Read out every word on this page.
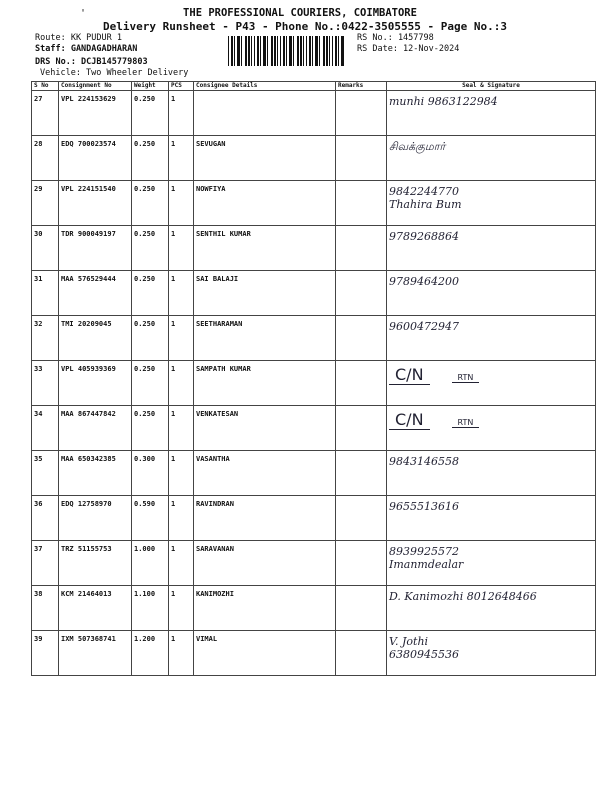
THE PROFESSIONAL COURIERS, COIMBATORE
Delivery Runsheet - P43 - Phone No.:0422-3505555 - Page No.:3
Route: KK PUDUR 1
Staff: GANDAGADHARAN
DRS No.: DCJB145779803
Vehicle: Two Wheeler Delivery
RS No.: 1457798
RS Date: 12-Nov-2024
'
S No	Consignment No	Weight	PCS	Consignee Details	Remarks	Seal & Signature
27	VPL 224153629	0.250	1			munhi 9863122984

28	EDQ 700023574	0.250	1	SEVUGAN		சிவக்குமார்

29	VPL 224151540	0.250	1	NOWFIYA		9842244770
Thahira Bum

30	TDR 900049197	0.250	1	SENTHIL KUMAR		9789268864

31	MAA 576529444	0.250	1	SAI BALAJI		9789464200

32	TMI 20209045	0.250	1	SEETHARAMAN		9600472947

33	VPL 405939369	0.250	1	SAMPATH KUMAR		C/N RTN
34	MAA 867447842	0.250	1	VENKATESAN		C/N RTN
35	MAA 650342385	0.300	1	VASANTHA		9843146558

36	EDQ 12758970	0.590	1	RAVINDRAN		9655513616

37	TRZ 51155753	1.000	1	SARAVANAN		8939925572
Imanmdealar

38	KCM 21464013	1.100	1	KANIMOZHI		D. Kanimozhi 8012648466

39	IXM 507368741	1.200	1	VIMAL		V. Jothi
6380945536
